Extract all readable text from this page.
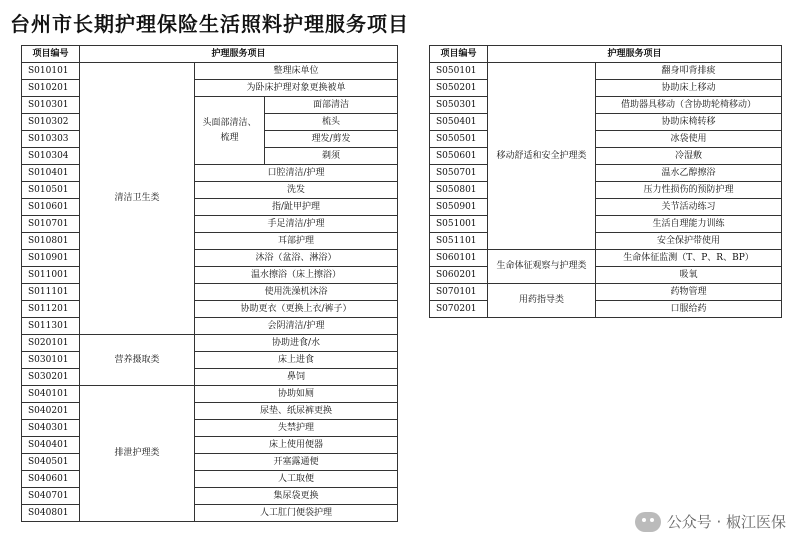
台州市长期护理保险生活照料护理服务项目
项目编号	护理服务项目		
S010101	清洁卫生类	整理床单位	
S010201		为卧床护理对象更换被单	
S010301		头面部清洁、梳理	面部清洁
S010302			梳头
S010303			理发/剪发
S010304			剃须
S010401		口腔清洁/护理	
S010501		洗发	
S010601		指/趾甲护理	
S010701		手足清洁/护理	
S010801		耳部护理	
S010901		沐浴（盆浴、淋浴）	
S011001		温水擦浴（床上擦浴）	
S011101		使用洗澡机沐浴	
S011201		协助更衣（更换上衣/裤子）	
S011301		会阴清洁/护理	
S020101	营养摄取类	协助进食/水	
S030101		床上进食	
S030201		鼻饲	
S040101	排泄护理类	协助如厕	
S040201		尿垫、纸尿裤更换	
S040301		失禁护理	
S040401		床上使用便器	
S040501		开塞露通便	
S040601		人工取便	
S040701		集尿袋更换	
S040801		人工肛门便袋护理	
项目编号	护理服务项目	
S050101	移动舒适和安全护理类	翻身叩背排痰
S050201		协助床上移动
S050301		借助器具移动（含协助轮椅移动）
S050401		协助床椅转移
S050501		冰袋使用
S050601		冷湿敷
S050701		温水乙醇擦浴
S050801		压力性损伤的预防护理
S050901		关节活动练习
S051001		生活自理能力训练
S051101		安全保护带使用
S060101	生命体征观察与护理类	生命体征监测（T、P、R、BP）
S060201		吸氧
S070101	用药指导类	药物管理
S070201		口服给药
公众号 · 椒江医保
